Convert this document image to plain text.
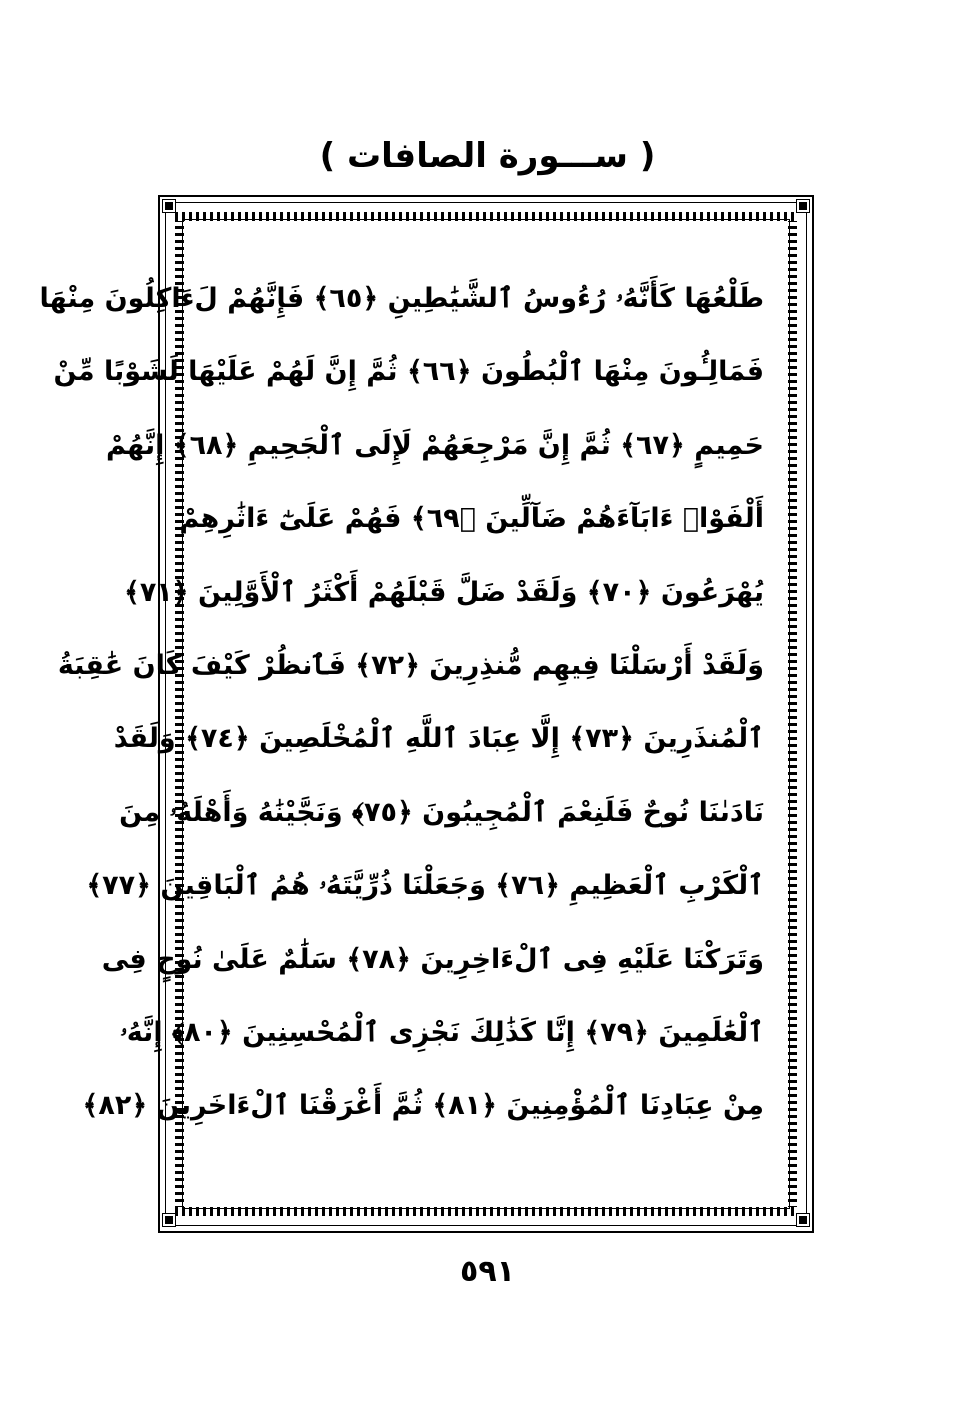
( ســـورة الصافات )
طَلْعُهَا كَأَنَّهُۥ رُءُوسُ ٱلشَّيَٰطِينِ ﴿٦٥﴾ فَإِنَّهُمْ لَءَاكِلُونَ مِنْهَا
فَمَالِـُٔونَ مِنْهَا ٱلْبُطُونَ ﴿٦٦﴾ ثُمَّ إِنَّ لَهُمْ عَلَيْهَا لَشَوْبًا مِّنْ
حَمِيمٍ ﴿٦٧﴾ ثُمَّ إِنَّ مَرْجِعَهُمْ لَإِلَى ٱلْجَحِيمِ ﴿٦٨﴾ إِنَّهُمْ
أَلْفَوْا۟ ءَابَآءَهُمْ ضَآلِّينَ ﴿٦٩﴾ فَهُمْ عَلَىٰٓ ءَاثَٰرِهِمْ
يُهْرَعُونَ ﴿٧٠﴾ وَلَقَدْ ضَلَّ قَبْلَهُمْ أَكْثَرُ ٱلْأَوَّلِينَ ﴿٧١﴾
وَلَقَدْ أَرْسَلْنَا فِيهِم مُّنذِرِينَ ﴿٧٢﴾ فَٱنظُرْ كَيْفَ كَانَ عَٰقِبَةُ
ٱلْمُنذَرِينَ ﴿٧٣﴾ إِلَّا عِبَادَ ٱللَّهِ ٱلْمُخْلَصِينَ ﴿٧٤﴾ وَلَقَدْ
نَادَىٰنَا نُوحٌ فَلَنِعْمَ ٱلْمُجِيبُونَ ﴿٧٥﴾ وَنَجَّيْنَٰهُ وَأَهْلَهُۥ مِنَ
ٱلْكَرْبِ ٱلْعَظِيمِ ﴿٧٦﴾ وَجَعَلْنَا ذُرِّيَّتَهُۥ هُمُ ٱلْبَاقِينَ ﴿٧٧﴾
وَتَرَكْنَا عَلَيْهِ فِى ٱلْءَاخِرِينَ ﴿٧٨﴾ سَلَٰمٌ عَلَىٰ نُوحٍ فِى
ٱلْعَٰلَمِينَ ﴿٧٩﴾ إِنَّا كَذَٰلِكَ نَجْزِى ٱلْمُحْسِنِينَ ﴿٨٠﴾ إِنَّهُۥ
مِنْ عِبَادِنَا ٱلْمُؤْمِنِينَ ﴿٨١﴾ ثُمَّ أَغْرَقْنَا ٱلْءَاخَرِينَ ﴿٨٢﴾
٥٩١
